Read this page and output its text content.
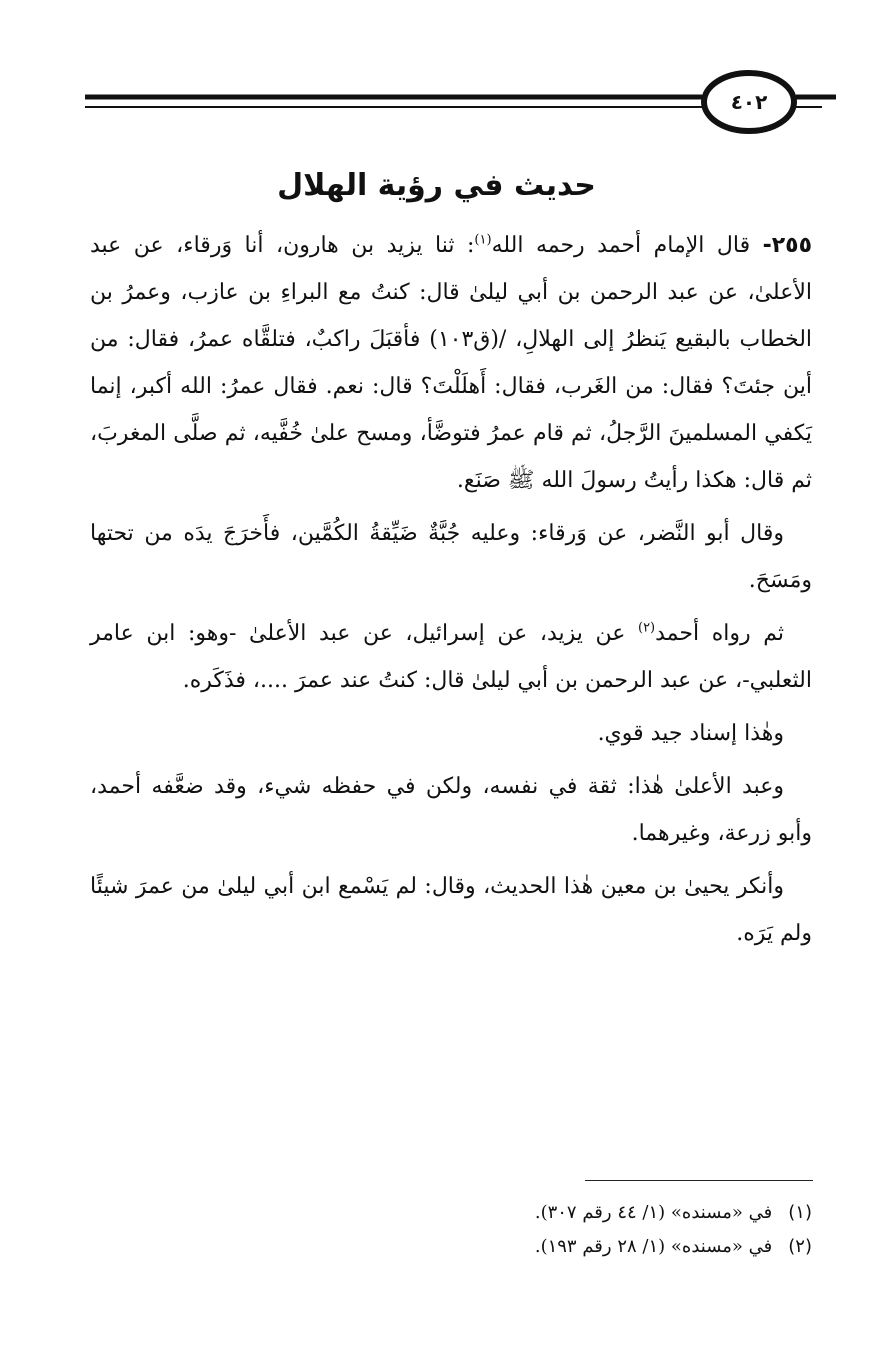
٤٠٢
حديث في رؤية الهلال

٢٥٥- قال الإمام أحمد رحمه الله$^{(١)}$: ثنا يزيد بن هارون، أنا وَرقاء، عن عبد الأعلىٰ، عن عبد الرحمن بن أبي ليلىٰ قال: كنتُ مع البراءِ بن عازب، وعمرُ بن الخطاب بالبقيع يَنظرُ إلى الهلالِ، /(ق١٠٣) فأقبَلَ راكبٌ، فتلقَّاه عمرُ، فقال: من أين جئتَ؟ فقال: من الغَرب، فقال: أَهلَلْتَ؟ قال: نعم. فقال عمرُ: الله أكبر، إنما يَكفي المسلمينَ الرَّجلُ، ثم قام عمرُ فتوضَّأ، ومسح علىٰ خُفَّيه، ثم صلَّى المغربَ، ثم قال: هكذا رأيتُ رسولَ الله ﷺ صَنَع.

وقال أبو النَّضر، عن وَرقاء: وعليه جُبَّةٌ ضَيِّقةُ الكُمَّين، فأَخرَجَ يدَه من تحتها ومَسَحَ.

ثم رواه أحمد$^{(٢)}$ عن يزيد، عن إسرائيل، عن عبد الأعلىٰ -وهو: ابن عامر الثعلبي-، عن عبد الرحمن بن أبي ليلىٰ قال: كنتُ عند عمرَ ....، فذَكَره.

وهٰذا إسناد جيد قوي.

وعبد الأعلىٰ هٰذا: ثقة في نفسه، ولكن في حفظه شيء، وقد ضعَّفه أحمد، وأبو زرعة، وغيرهما.

وأنكر يحيىٰ بن معين هٰذا الحديث، وقال: لم يَسْمع ابن أبي ليلىٰ من عمرَ شيئًا ولم يَرَه.

(١)
في «مسنده» (١/ ٤٤ رقم ٣٠٧).
(٢)
في «مسنده» (١/ ٢٨ رقم ١٩٣).
